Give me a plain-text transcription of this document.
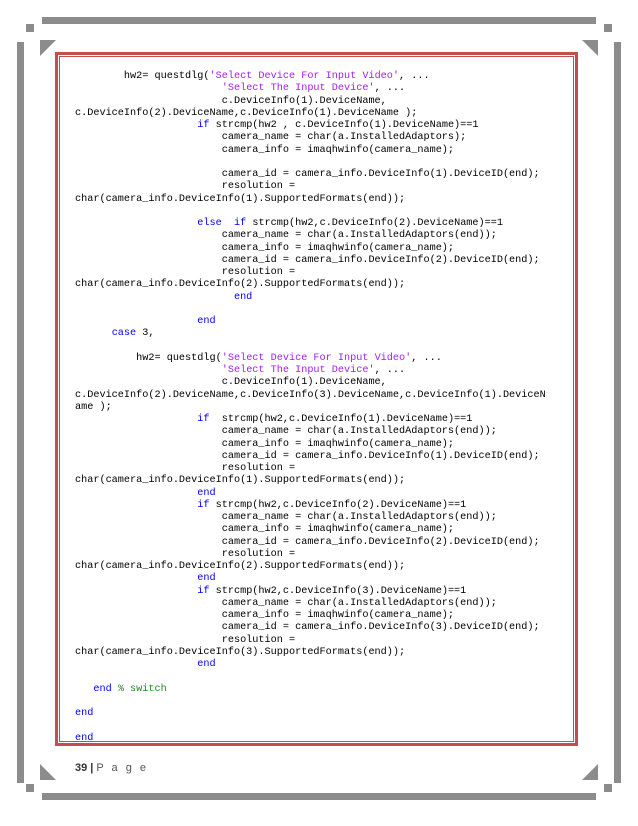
hw2= questdlg('Select Device For Input Video', ...
'Select The Input Device', ...
c.DeviceInfo(1).DeviceName,
c.DeviceInfo(2).DeviceName,c.DeviceInfo(1).DeviceName );
if strcmp(hw2 , c.DeviceInfo(1).DeviceName)==1
camera_name = char(a.InstalledAdaptors);
camera_info = imaqhwinfo(camera_name);
camera_id = camera_info.DeviceInfo(1).DeviceID(end);
resolution =
char(camera_info.DeviceInfo(1).SupportedFormats(end));
else if strcmp(hw2,c.DeviceInfo(2).DeviceName)==1
camera_name = char(a.InstalledAdaptors(end));
camera_info = imaqhwinfo(camera_name);
camera_id = camera_info.DeviceInfo(2).DeviceID(end);
resolution =
char(camera_info.DeviceInfo(2).SupportedFormats(end));
end
end
case 3,
hw2= questdlg('Select Device For Input Video', ...
'Select The Input Device', ...
c.DeviceInfo(1).DeviceName,
c.DeviceInfo(2).DeviceName,c.DeviceInfo(3).DeviceName,c.DeviceInfo(1).DeviceN
ame );
if  strcmp(hw2,c.DeviceInfo(1).DeviceName)==1
camera_name = char(a.InstalledAdaptors(end));
camera_info = imaqhwinfo(camera_name);
camera_id = camera_info.DeviceInfo(1).DeviceID(end);
resolution =
char(camera_info.DeviceInfo(1).SupportedFormats(end));
end
if strcmp(hw2,c.DeviceInfo(2).DeviceName)==1
camera_name = char(a.InstalledAdaptors(end));
camera_info = imaqhwinfo(camera_name);
camera_id = camera_info.DeviceInfo(2).DeviceID(end);
resolution =
char(camera_info.DeviceInfo(2).SupportedFormats(end));
end
if strcmp(hw2,c.DeviceInfo(3).DeviceName)==1
camera_name = char(a.InstalledAdaptors(end));
camera_info = imaqhwinfo(camera_name);
camera_id = camera_info.DeviceInfo(3).DeviceID(end);
resolution =
char(camera_info.DeviceInfo(3).SupportedFormats(end));
end
end % switch
end
end
39 | P a g e
